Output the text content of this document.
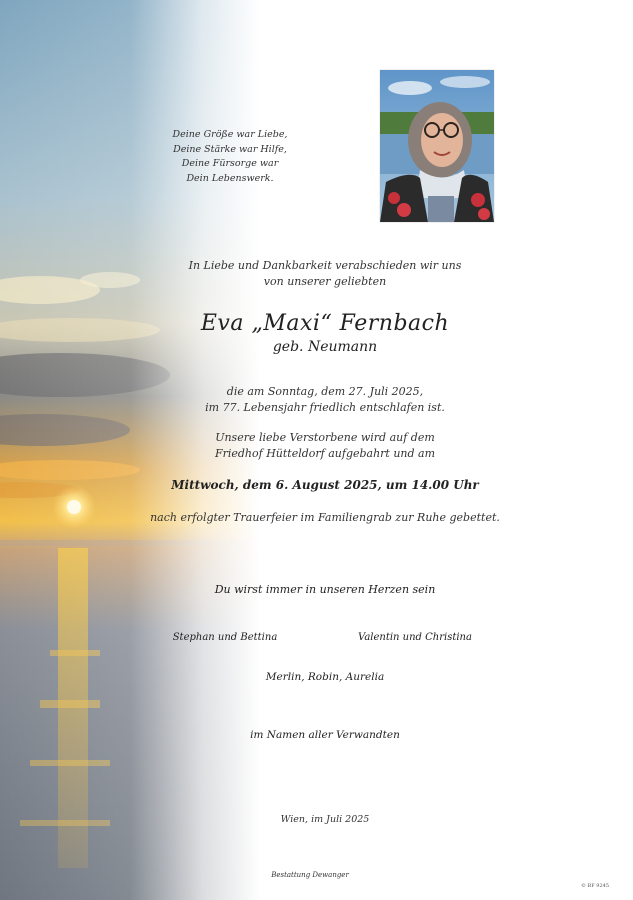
Deine Größe war Liebe,
Deine Stärke war Hilfe,
Deine Fürsorge war
Dein Lebenswerk.
In Liebe und Dankbarkeit verabschieden wir uns
von unserer geliebten
Eva „Maxi“ Fernbach
geb. Neumann
die am Sonntag, dem 27. Juli 2025,
im 77. Lebensjahr friedlich entschlafen ist.
Unsere liebe Verstorbene wird auf dem
Friedhof Hütteldorf aufgebahrt und am
Mittwoch, dem 6. August 2025, um 14.00 Uhr
nach erfolgter Trauerfeier im Familiengrab zur Ruhe gebettet.
Du wirst immer in unseren Herzen sein
Stephan und Bettina	Valentin und Christina
Merlin, Robin, Aurelia
im Namen aller Verwandten
Wien, im Juli 2025
Bestattung Dewanger
© BF 9245
